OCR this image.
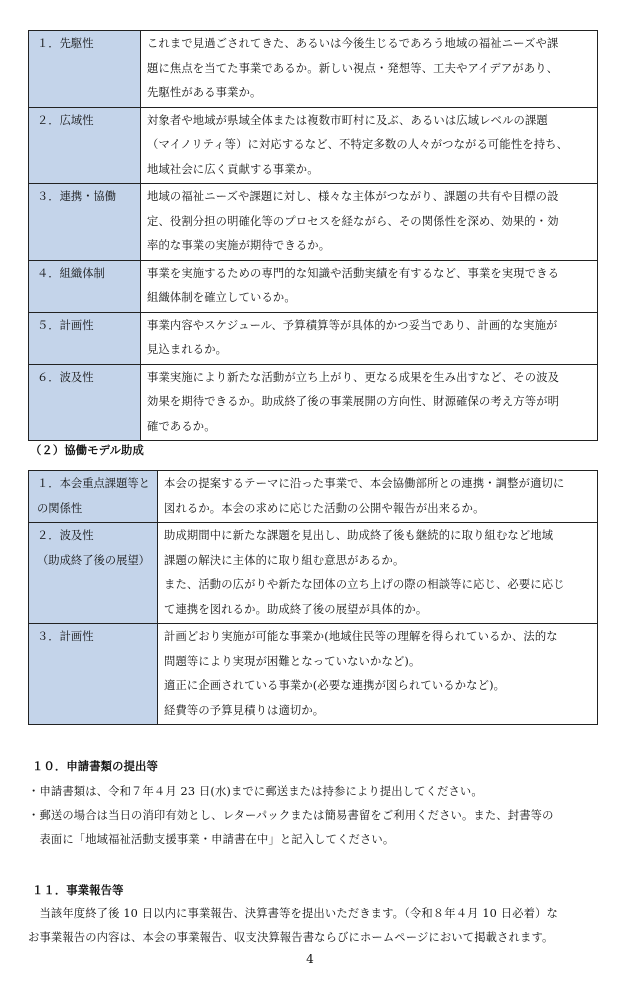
１．先駆性	これまで見過ごされてきた、あるいは今後生じるであろう地域の福祉ニーズや課
題に焦点を当てた事業であるか。新しい視点・発想等、工夫やアイデアがあり、
先駆性がある事業か。

２．広域性	対象者や地域が県域全体または複数市町村に及ぶ、あるいは広域レベルの課題
（マイノリティ等）に対応するなど、不特定多数の人々がつながる可能性を持ち、
地域社会に広く貢献する事業か。

３．連携・協働	地域の福祉ニーズや課題に対し、様々な主体がつながり、課題の共有や目標の設
定、役割分担の明確化等のプロセスを経ながら、その関係性を深め、効果的・効
率的な事業の実施が期待できるか。

４．組織体制	事業を実施するための専門的な知識や活動実績を有するなど、事業を実現できる
組織体制を確立しているか。

５．計画性	事業内容やスケジュール、予算積算等が具体的かつ妥当であり、計画的な実施が
見込まれるか。

６．波及性	事業実施により新たな活動が立ち上がり、更なる成果を生み出すなど、その波及
効果を期待できるか。助成終了後の事業展開の方向性、財源確保の考え方等が明
確であるか。
（２）協働モデル助成
１．本会重点課題等と
の関係性	本会の提案するテーマに沿った事業で、本会協働部所との連携・調整が適切に
図れるか。本会の求めに応じた活動の公開や報告が出来るか。

２．波及性
（助成終了後の展望）	助成期間中に新たな課題を見出し、助成終了後も継続的に取り組むなど地域
課題の解決に主体的に取り組む意思があるか。
また、活動の広がりや新たな団体の立ち上げの際の相談等に応じ、必要に応じ
て連携を図れるか。助成終了後の展望が具体的か。

３．計画性	計画どおり実施が可能な事業か(地域住民等の理解を得られているか、法的な
問題等により実現が困難となっていないかなど)。
適正に企画されている事業か(必要な連携が図られているかなど)。
経費等の予算見積りは適切か。
１０．申請書類の提出等
・申請書類は、令和７年４月 23 日(水)までに郵送または持参により提出してください。
・郵送の場合は当日の消印有効とし、レターパックまたは簡易書留をご利用ください。また、封書等の
　表面に「地域福祉活動支援事業・申請書在中」と記入してください。
１１．事業報告等
　当該年度終了後 10 日以内に事業報告、決算書等を提出いただきます。（令和８年４月 10 日必着）な
お事業報告の内容は、本会の事業報告、収支決算報告書ならびにホームページにおいて掲載されます。
4
